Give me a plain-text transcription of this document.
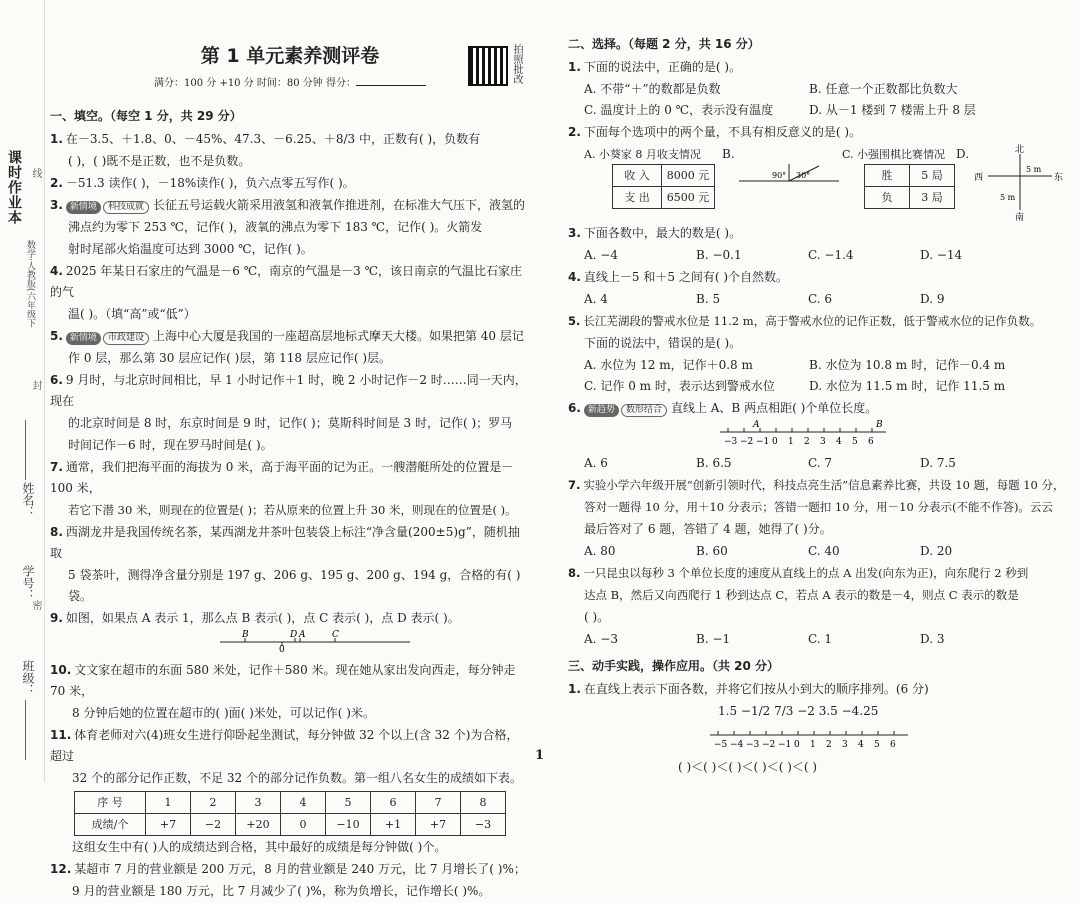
课时作业本
数学·人教版(六年级下
线
封
密
姓名：
学号：
班级：
第 1 单元素养测评卷
满分：100 分 +10 分 时间：80 分钟 得分：	拍照批改
一、填空。（每空 1 分，共 29 分）
1. 在－3.5、＋1.8、0、－45%、47.3、－6.25、＋8/3 中，正数有( )，负数有
( )，( )既不是正数，也不是负数。
2. －51.3 读作( )，－18%读作( )，负六点零五写作( )。
3. 新情境 科技成就 长征五号运载火箭采用液氢和液氧作推进剂，在标准大气压下，液氢的
沸点约为零下 253 ℃，记作( )，液氧的沸点为零下 183 ℃，记作( )。火箭发
射时尾部火焰温度可达到 3000 ℃，记作( )。
4. 2025 年某日石家庄的气温是－6 ℃，南京的气温是－3 ℃，该日南京的气温比石家庄的气
温( )。（填“高”或“低”）
5. 新情境 市政建设 上海中心大厦是我国的一座超高层地标式摩天大楼。如果把第 40 层记
作 0 层，那么第 30 层应记作( )层，第 118 层应记作( )层。
6. 9 月时，与北京时间相比，早 1 小时记作＋1 时，晚 2 小时记作－2 时……同一天内，现在
的北京时间是 8 时，东京时间是 9 时，记作( )；莫斯科时间是 3 时，记作( )；罗马
时间记作－6 时，现在罗马时间是( )。
7. 通常，我们把海平面的海拔为 0 米，高于海平面的记为正。一艘潜艇所处的位置是－100 米，
若它下潜 30 米，则现在的位置是( )；若从原来的位置上升 30 米，则现在的位置是( )。
8. 西湖龙井是我国传统名茶，某西湖龙井茶叶包装袋上标注“净含量(200±5)g”，随机抽取
5 袋茶叶，测得净含量分别是 197 g、206 g、195 g、200 g、194 g，合格的有( )袋。
9. 如图，如果点 A 表示 1，那么点 B 表示( )，点 C 表示( )，点 D 表示( )。
B	D A	C
0
10. 文文家在超市的东面 580 米处，记作＋580 米。现在她从家出发向西走，每分钟走 70 米，
8 分钟后她的位置在超市的( )面( )米处，可以记作( )米。
11. 体育老师对六(4)班女生进行仰卧起坐测试，每分钟做 32 个以上(含 32 个)为合格，超过
32 个的部分记作正数，不足 32 个的部分记作负数。第一组八名女生的成绩如下表。
序 号	1	2	3	4	5	6	7	8
成绩/个	+7	−2	+20	0	−10	+1	+7	−3
这组女生中有( )人的成绩达到合格，其中最好的成绩是每分钟做( )个。
12. 某超市 7 月的营业额是 200 万元，8 月的营业额是 240 万元，比 7 月增长了( )%；
9 月的营业额是 180 万元，比 7 月减少了( )%，称为负增长，记作增长( )%。
二、选择。（每题 2 分，共 16 分）
1. 下面的说法中，正确的是( )。
A. 不带“＋”的数都是负数	B. 任意一个正数都比负数大
C. 温度计上的 0 ℃，表示没有温度	D. 从－1 楼到 7 楼需上升 8 层
2. 下面每个选项中的两个量，不具有相反意义的是( )。
A. 小葵家 8 月收支情况
收 入	8000 元
支 出	6500 元
B.
90° 30°
C. 小强围棋比赛情况
胜	5 局
负	3 局
D.	北
南
西	东
5 m
5 m
3. 下面各数中，最大的数是( )。
A. −4	B. −0.1	C. −1.4	D. −14
4. 直线上－5 和＋5 之间有( )个自然数。
A. 4	B. 5	C. 6	D. 9
5. 长江芜湖段的警戒水位是 11.2 m，高于警戒水位的记作正数，低于警戒水位的记作负数。
下面的说法中，错误的是( )。
A. 水位为 12 m，记作＋0.8 m	B. 水位为 10.8 m 时，记作－0.4 m
C. 记作 0 m 时，表示达到警戒水位	D. 水位为 11.5 m 时，记作 11.5 m
6. 新趋势 数形结合 直线上 A、B 两点相距( )个单位长度。
−3 −2 −1 0 1 2 3 4 5 6
A	B
A. 6	B. 6.5	C. 7	D. 7.5
7. 实验小学六年级开展“创新引领时代，科技点亮生活”信息素养比赛，共设 10 题，每题 10 分，
答对一题得 10 分，用＋10 分表示；答错一题扣 10 分，用－10 分表示(不能不作答)。云云
最后答对了 6 题，答错了 4 题，她得了( )分。
A. 80	B. 60	C. 40	D. 20
8. 一只昆虫以每秒 3 个单位长度的速度从直线上的点 A 出发(向东为正)，向东爬行 2 秒到
达点 B，然后又向西爬行 1 秒到达点 C，若点 A 表示的数是－4，则点 C 表示的数是
( )。
A. −3	B. −1	C. 1	D. 3
三、动手实践，操作应用。（共 20 分）
1. 在直线上表示下面各数，并将它们按从小到大的顺序排列。(6 分)
1.5 −1/2 7/3 −2 3.5 −4.25
−5 −4 −3 −2 −1 0 1 2 3 4 5 6
( )＜( )＜( )＜( )＜( )＜( )
1
